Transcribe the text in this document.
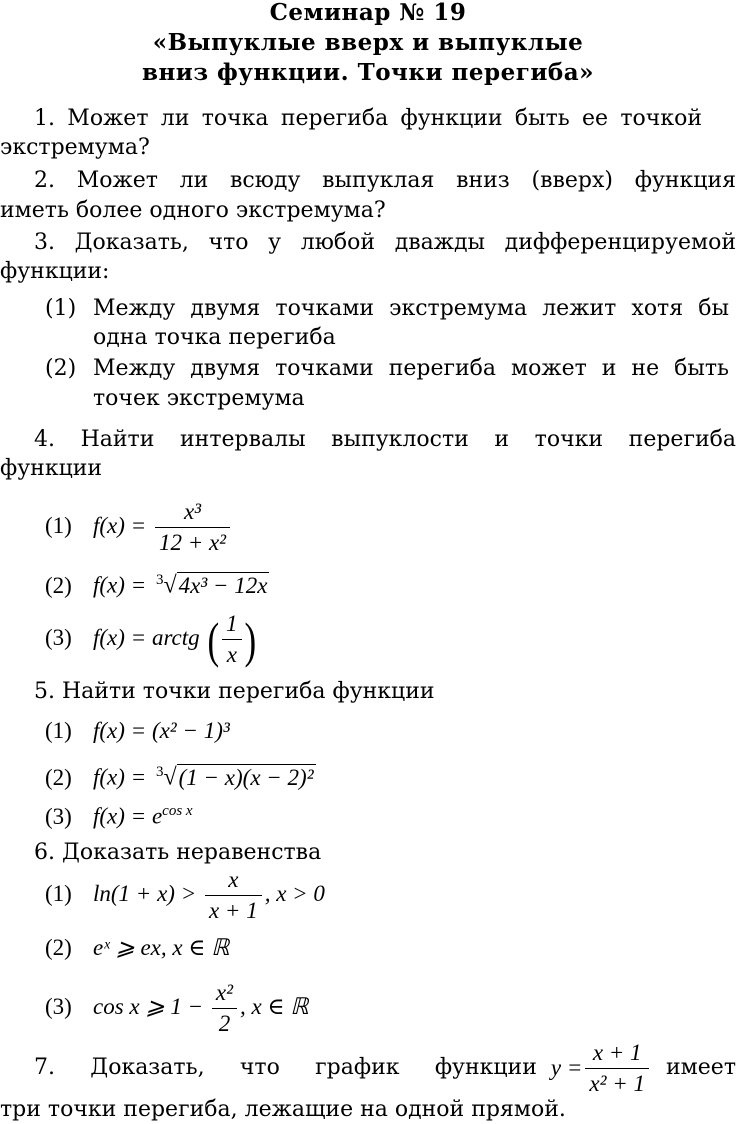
Семинар № 19
«Выпуклые вверх и выпуклые
вниз функции. Точки перегиба»
1. Может ли точка перегиба функции быть ее точкой
экстремума?
2. Может ли всюду выпуклая вниз (вверх) функция
иметь более одного экстремума?
3. Доказать, что у любой дважды дифференцируемой
функции:
(1) Между двумя точками экстремума лежит хотя бы
одна точка перегиба
(2) Между двумя точками перегиба может и не быть
точек экстремума
4. Найти интервалы выпуклости и точки перегиба
функции
(1) $f(x) = \frac{\text{x³}}{\text{12 + x²}}$
(2) f(x) = $^3$√4x³ − 12x
(3) f(x) = arctg ( $\frac{1}{x}$ )
5. Найти точки перегиба функции
(1) f(x) = (x² − 1)³
(2) f(x) = $^3$√(1 − x)(x − 2)²
(3) $f(x) = e^{cos x}$
6. Доказать неравенства
(1) $\ln(1 + x) > \frac{x}{x + 1}$ , x > 0
(2) eˣ ⩾ ex, x ∈ ℝ
(3) cos x ⩾ $1 - \frac{\text{x²}}{2}$ , x ∈ ℝ
7. Доказать, что график функции $y = \frac{x + 1}{\text{x² + 1}}$ имеет
три точки перегиба, лежащие на одной прямой.
